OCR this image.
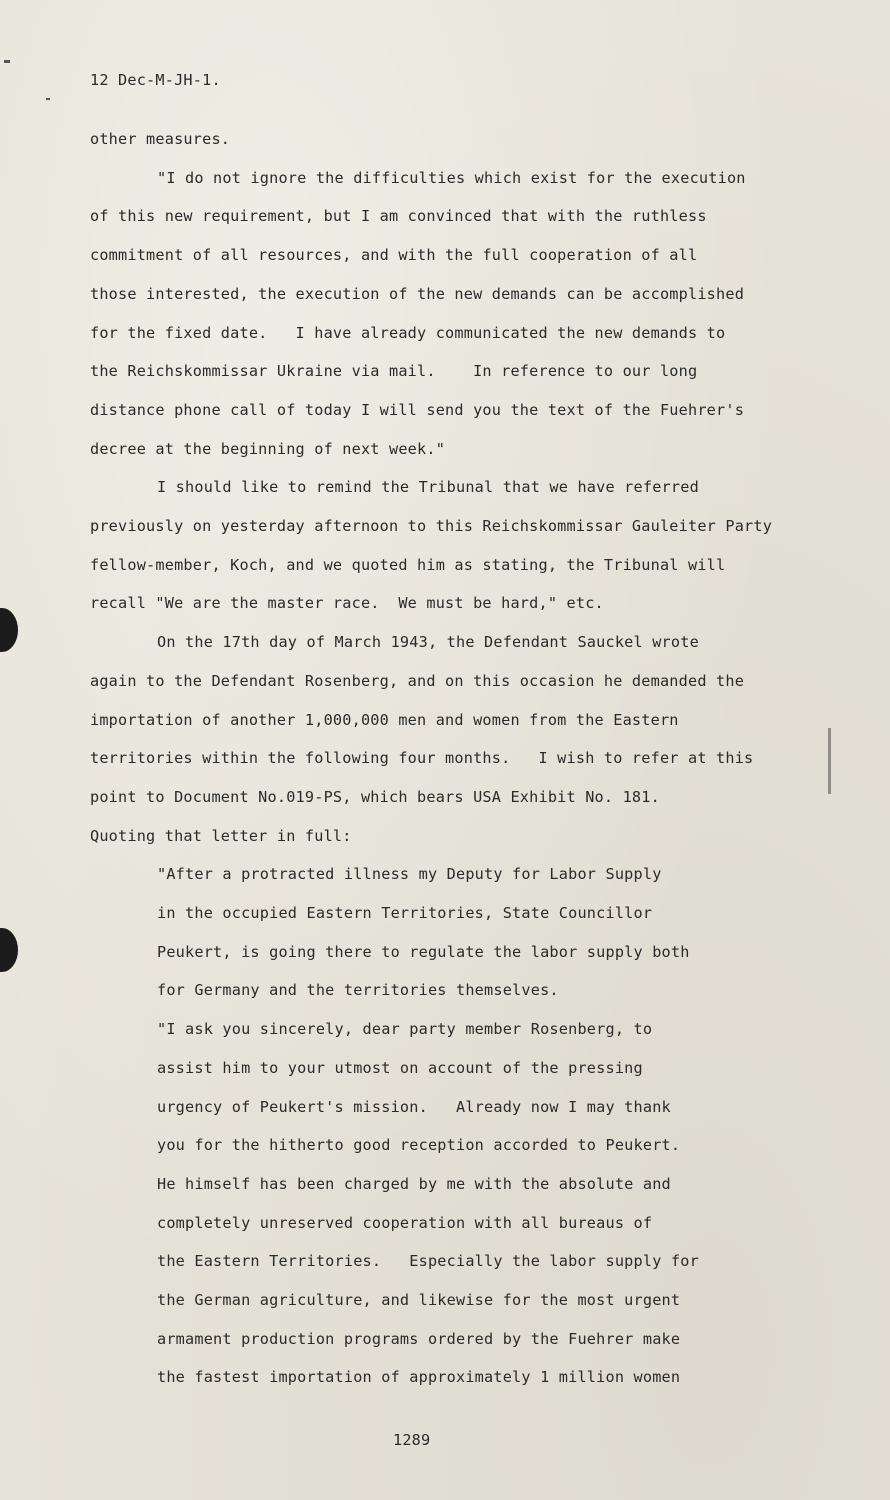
12 Dec-M-JH-1.
other measures.
"I do not ignore the difficulties which exist for the execution
of this new requirement, but I am convinced that with the ruthless
commitment of all resources, and with the full cooperation of all
those interested, the execution of the new demands can be accomplished
for the fixed date.   I have already communicated the new demands to
the Reichskommissar Ukraine via mail.    In reference to our long
distance phone call of today I will send you the text of the Fuehrer's
decree at the beginning of next week."
I should like to remind the Tribunal that we have referred
previously on yesterday afternoon to this Reichskommissar Gauleiter Party
fellow-member, Koch, and we quoted him as stating, the Tribunal will
recall "We are the master race.  We must be hard," etc.
On the 17th day of March 1943, the Defendant Sauckel wrote
again to the Defendant Rosenberg, and on this occasion he demanded the
importation of another 1,000,000 men and women from the Eastern
territories within the following four months.   I wish to refer at this
point to Document No.019-PS, which bears USA Exhibit No. 181.
Quoting that letter in full:
"After a protracted illness my Deputy for Labor Supply
in the occupied Eastern Territories, State Councillor
Peukert, is going there to regulate the labor supply both
for Germany and the territories themselves.
"I ask you sincerely, dear party member Rosenberg, to
assist him to your utmost on account of the pressing
urgency of Peukert's mission.   Already now I may thank
you for the hitherto good reception accorded to Peukert.
He himself has been charged by me with the absolute and
completely unreserved cooperation with all bureaus of
the Eastern Territories.   Especially the labor supply for
the German agriculture, and likewise for the most urgent
armament production programs ordered by the Fuehrer make
the fastest importation of approximately 1 million women
1289
